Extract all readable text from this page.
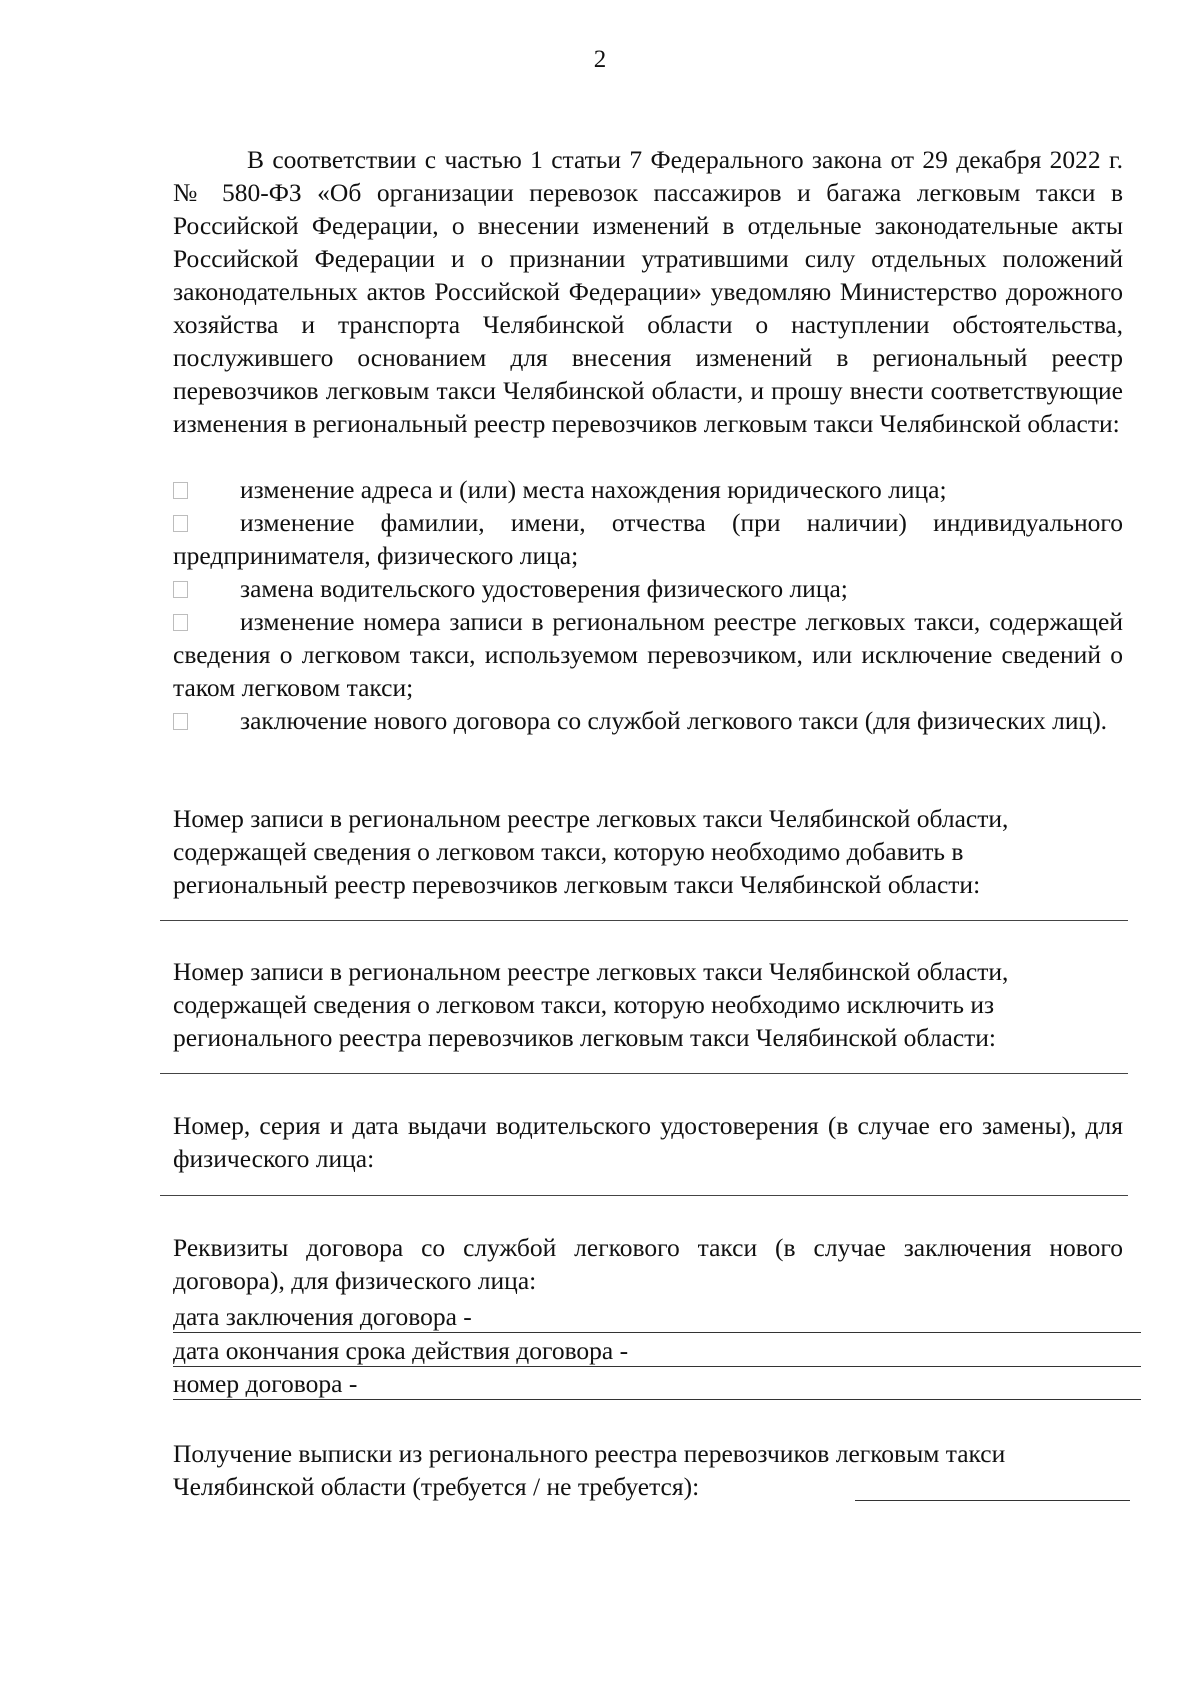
2

В соответствии с частью 1 статьи 7 Федерального закона от 29 декабря 2022 г. № 580-ФЗ «Об организации перевозок пассажиров и багажа легковым такси в Российской Федерации, о внесении изменений в отдельные законодательные акты Российской Федерации и о признании утратившими силу отдельных положений законодательных актов Российской Федерации» уведомляю Министерство дорожного хозяйства и транспорта Челябинской области о наступлении обстоятельства, послужившего основанием для внесения изменений в региональный реестр перевозчиков легковым такси Челябинской области, и прошу внести соответствующие изменения в региональный реестр перевозчиков легковым такси Челябинской области:

изменение адреса и (или) места нахождения юридического лица;

изменение фамилии, имени, отчества (при наличии) индивидуального предпринимателя, физического лица;

замена водительского удостоверения физического лица;

изменение номера записи в региональном реестре легковых такси, содержащей сведения о легковом такси, используемом перевозчиком, или исключение сведений о таком легковом такси;

заключение нового договора со службой легкового такси (для физических лиц).

Номер записи в региональном реестре легковых такси Челябинской области, содержащей сведения о легковом такси, которую необходимо добавить в региональный реестр перевозчиков легковым такси Челябинской области:

Номер записи в региональном реестре легковых такси Челябинской области, содержащей сведения о легковом такси, которую необходимо исключить из регионального реестра перевозчиков легковым такси Челябинской области:

Номер, серия и дата выдачи водительского удостоверения (в случае его замены), для физического лица:

Реквизиты договора со службой легкового такси (в случае заключения нового договора), для физического лица:

дата заключения договора -
дата окончания срока действия договора -
номер договора -

Получение выписки из регионального реестра перевозчиков легковым такси Челябинской области (требуется / не требуется):
